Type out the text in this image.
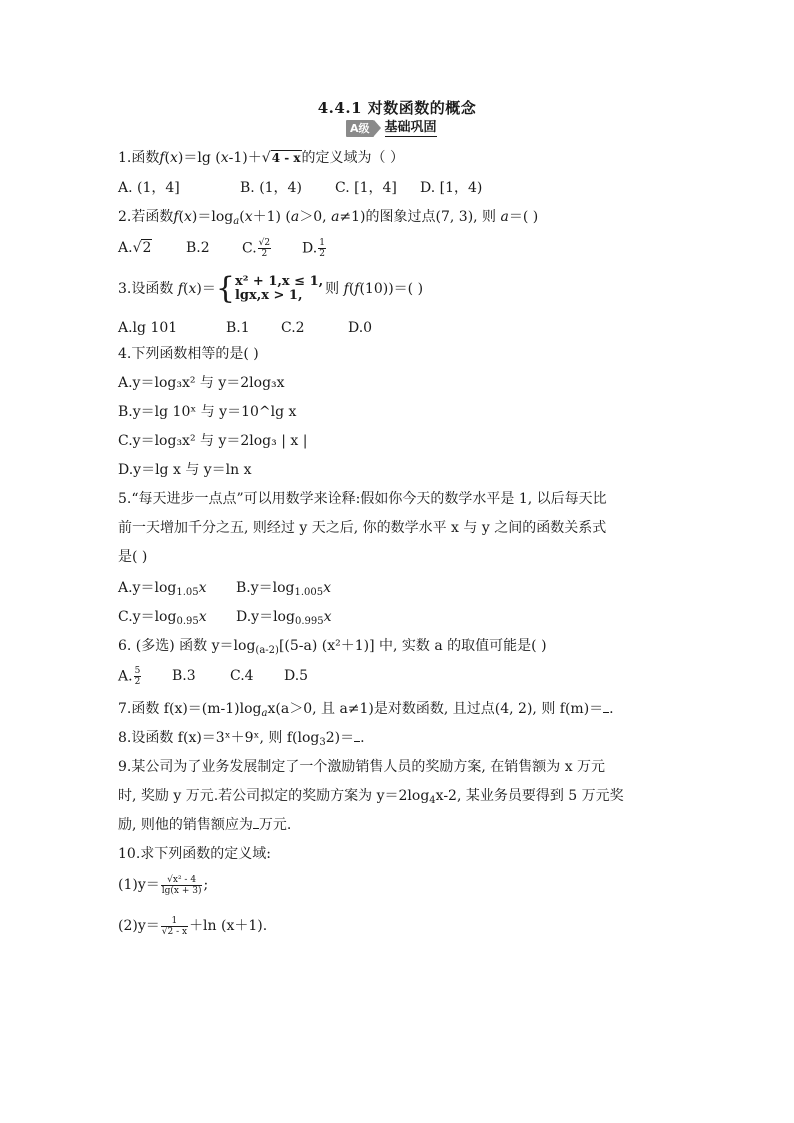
4.4.1 对数函数的概念
A级	基础巩固
1.函数f(x)＝lg (x-1)＋√4 - x的定义域为（ ）
A. (1，4]	B. (1，4) C. [1，4] D. [1，4)
2.若函数$f(x)=\log_a(x+1)$ (a＞0, a≠1)的图象过点(7, 3), 则 a＝( )
A.√2 B.2 C. $\frac{√2}{2} D$. $\frac{1}{2}$
3.设函数 f(x)＝{ x² + 1,x ≤ 1,
lgx,x > 1,	则 f(f(10))＝( )
A.lg 101	B.1 C.2	D.0
4.下列函数相等的是( )
A.y＝log₃x² 与 y＝2log₃x
B.y＝lg 10ˣ 与 y＝10^lg x
C.y＝log₃x² 与 y＝2log₃ | x |
D.y＝lg x 与 y＝ln x
5.“每天进步一点点”可以用数学来诠释:假如你今天的数学水平是 1, 以后每天比
前一天增加千分之五, 则经过 y 天之后, 你的数学水平 x 与 y 之间的函数关系式
是( )
$A.y=\log_{1.05}x$ $B.y=\log_{1.005}x$
$C.y=\log_{0.95}x$ $D.y=\log_{0.995}x$
6. (多选) 函数 $y=\log_{(a-2)}[(5-a)$ (x²＋1)] 中, 实数 a 的取值可能是( )
A. $\frac{5}{2} B.3$ C.4 D.5
7.函数 $f(x)=(m-1)\log_ax(a>0$, 且 a≠1)是对数函数, 且过点(4, 2), 则 f(m)＝ .
8.设函数 f(x)＝3ˣ＋9ˣ, 则 $f(\log_32)=$ .
9.某公司为了业务发展制定了一个激励销售人员的奖励方案, 在销售额为 x 万元
时, 奖励 y 万元.若公司拟定的奖励方案为 $y=2\log_4x-2$, 某业务员要得到 5 万元奖
励, 则他的销售额应为 万元.
10.求下列函数的定义域:
$(1)y= \frac{\text{√x² - 4}}{\lg(x + 3)}$ ;
$(2)y= \frac{1}{√2 - x} +\ln$ (x＋1).
